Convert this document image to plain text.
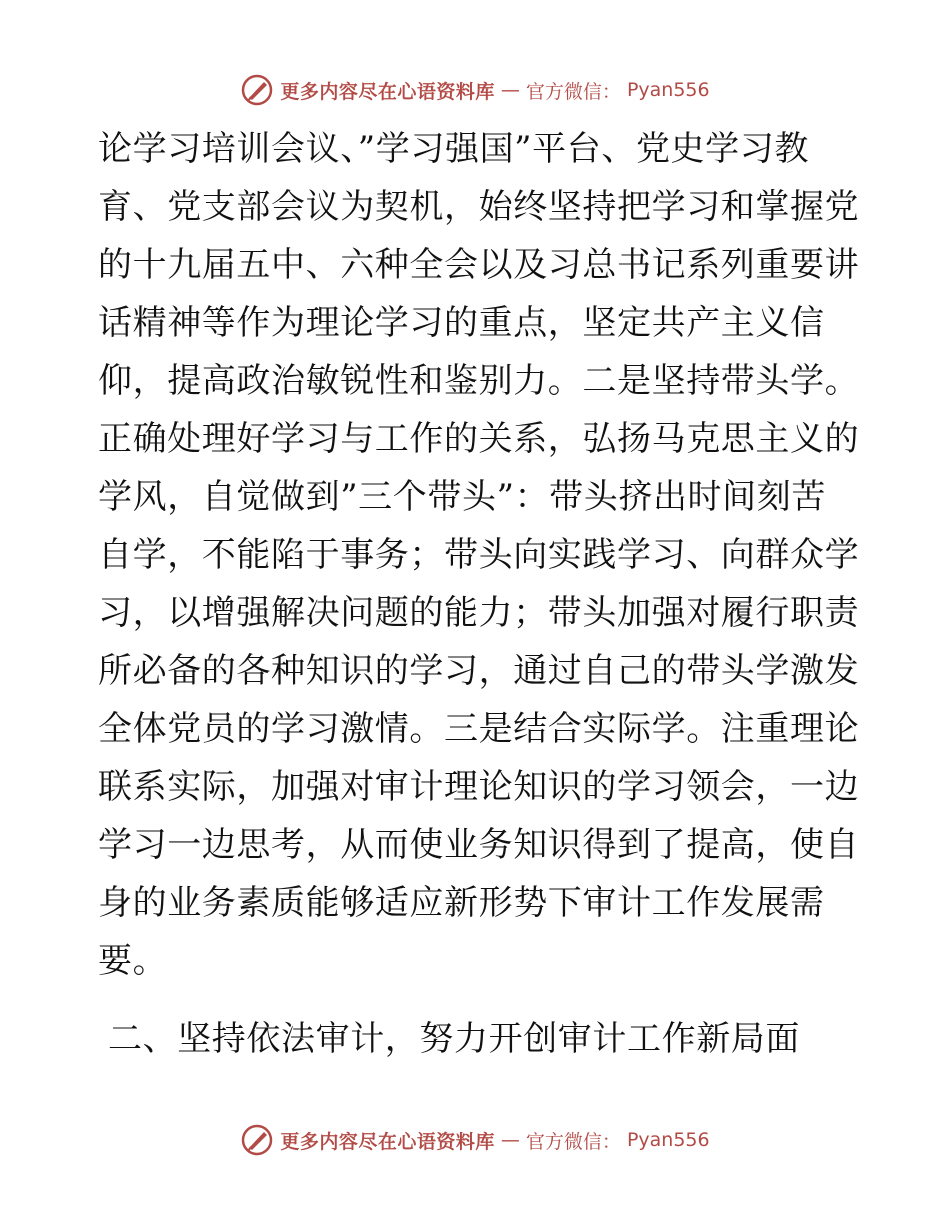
更多内容尽在心语资料库 — 官方微信： Pyan556
论学习培训会议、”学习强国”平台、党史学习教
育、党支部会议为契机，始终坚持把学习和掌握党
的十九届五中、六种全会以及习总书记系列重要讲
话精神等作为理论学习的重点，坚定共产主义信
仰，提高政治敏锐性和鉴别力。二是坚持带头学。
正确处理好学习与工作的关系，弘扬马克思主义的
学风，自觉做到”三个带头”：带头挤出时间刻苦
自学，不能陷于事务；带头向实践学习、向群众学
习，以增强解决问题的能力；带头加强对履行职责
所必备的各种知识的学习，通过自己的带头学激发
全体党员的学习激情。三是结合实际学。注重理论
联系实际，加强对审计理论知识的学习领会，一边
学习一边思考，从而使业务知识得到了提高，使自
身的业务素质能够适应新形势下审计工作发展需
要。
二、坚持依法审计，努力开创审计工作新局面
更多内容尽在心语资料库 — 官方微信： Pyan556
